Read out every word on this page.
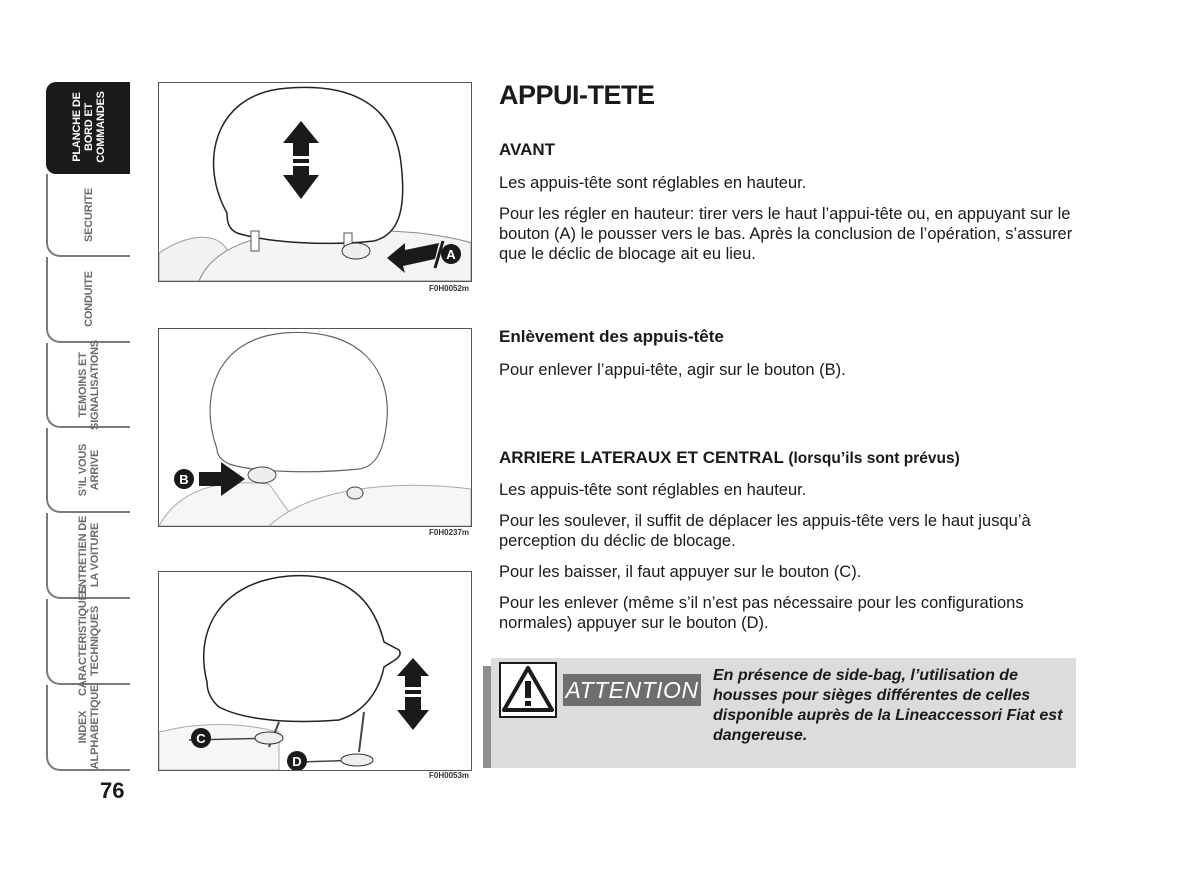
PLANCHE DE
BORD ET
COMMANDES
SECURITE
CONDUITE
TEMOINS ET
SIGNALISATIONS
S’IL VOUS
ARRIVE
ENTRETIEN DE
LA VOITURE
CARACTERISTIQUES
TECHNIQUES
INDEX
ALPHABETIQUE
76
A
F0H0052m
B
F0H0237m
C
D
F0H0053m
APPUI-TETE
AVANT

Les appuis-tête sont réglables en hauteur.

Pour les régler en hauteur: tirer vers le haut l’appui-tête ou, en appuyant sur le bouton (A) le pousser vers le bas. Après la conclusion de l’opération, s’assurer que le déclic de blocage ait eu lieu.

Enlèvement des appuis-tête

Pour enlever l’appui-tête, agir sur le bouton (B).

ARRIERE LATERAUX ET CENTRAL (lorsqu’ils sont prévus)

Les appuis-tête sont réglables en hauteur.

Pour les soulever, il suffit de déplacer les appuis-tête vers le haut jusqu’à perception du déclic de blocage.

Pour les baisser, il faut appuyer sur le bouton (C).

Pour les enlever (même s’il n’est pas nécessaire pour les configurations normales) appuyer sur le bouton (D).

ATTENTION
En présence de side-bag, l’utilisation de housses pour sièges différentes de celles disponible auprès de la Lineaccessori Fiat est dangereuse.
